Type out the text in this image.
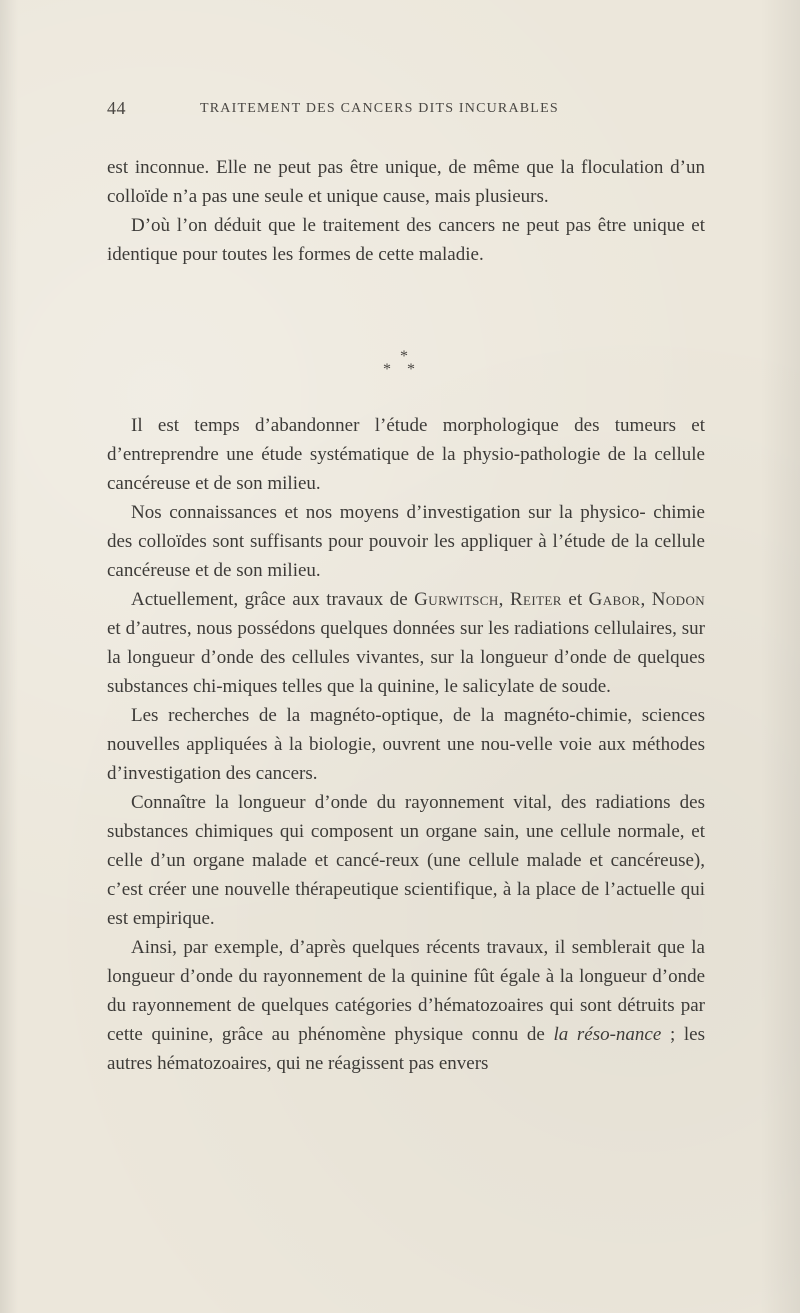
44	TRAITEMENT DES CANCERS DITS INCURABLES

est inconnue. Elle ne peut pas être unique, de même que la floculation d’un colloïde n’a pas une seule et unique cause, mais plusieurs.

D’où l’on déduit que le traitement des cancers ne peut pas être unique et identique pour toutes les formes de cette maladie.

*
* *

Il est temps d’abandonner l’étude morphologique des tumeurs et d’entreprendre une étude systématique de la physio-pathologie de la cellule cancéreuse et de son milieu.

Nos connaissances et nos moyens d’investigation sur la physico- chimie des colloïdes sont suffisants pour pouvoir les appliquer à l’étude de la cellule cancéreuse et de son milieu.

Actuellement, grâce aux travaux de Gurwitsch, Reiter et Gabor, Nodon et d’autres, nous possédons quelques données sur les radiations cellulaires, sur la longueur d’onde des cellules vivantes, sur la longueur d’onde de quelques substances chi-miques telles que la quinine, le salicylate de soude.

Les recherches de la magnéto-optique, de la magnéto-chimie, sciences nouvelles appliquées à la biologie, ouvrent une nou-velle voie aux méthodes d’investigation des cancers.

Connaître la longueur d’onde du rayonnement vital, des radiations des substances chimiques qui composent un organe sain, une cellule normale, et celle d’un organe malade et cancé-reux (une cellule malade et cancéreuse), c’est créer une nouvelle thérapeutique scientifique, à la place de l’actuelle qui est empirique.

Ainsi, par exemple, d’après quelques récents travaux, il semblerait que la longueur d’onde du rayonnement de la quinine fût égale à la longueur d’onde du rayonnement de quelques catégories d’hématozoaires qui sont détruits par cette quinine, grâce au phénomène physique connu de la réso-nance ; les autres hématozoaires, qui ne réagissent pas envers
